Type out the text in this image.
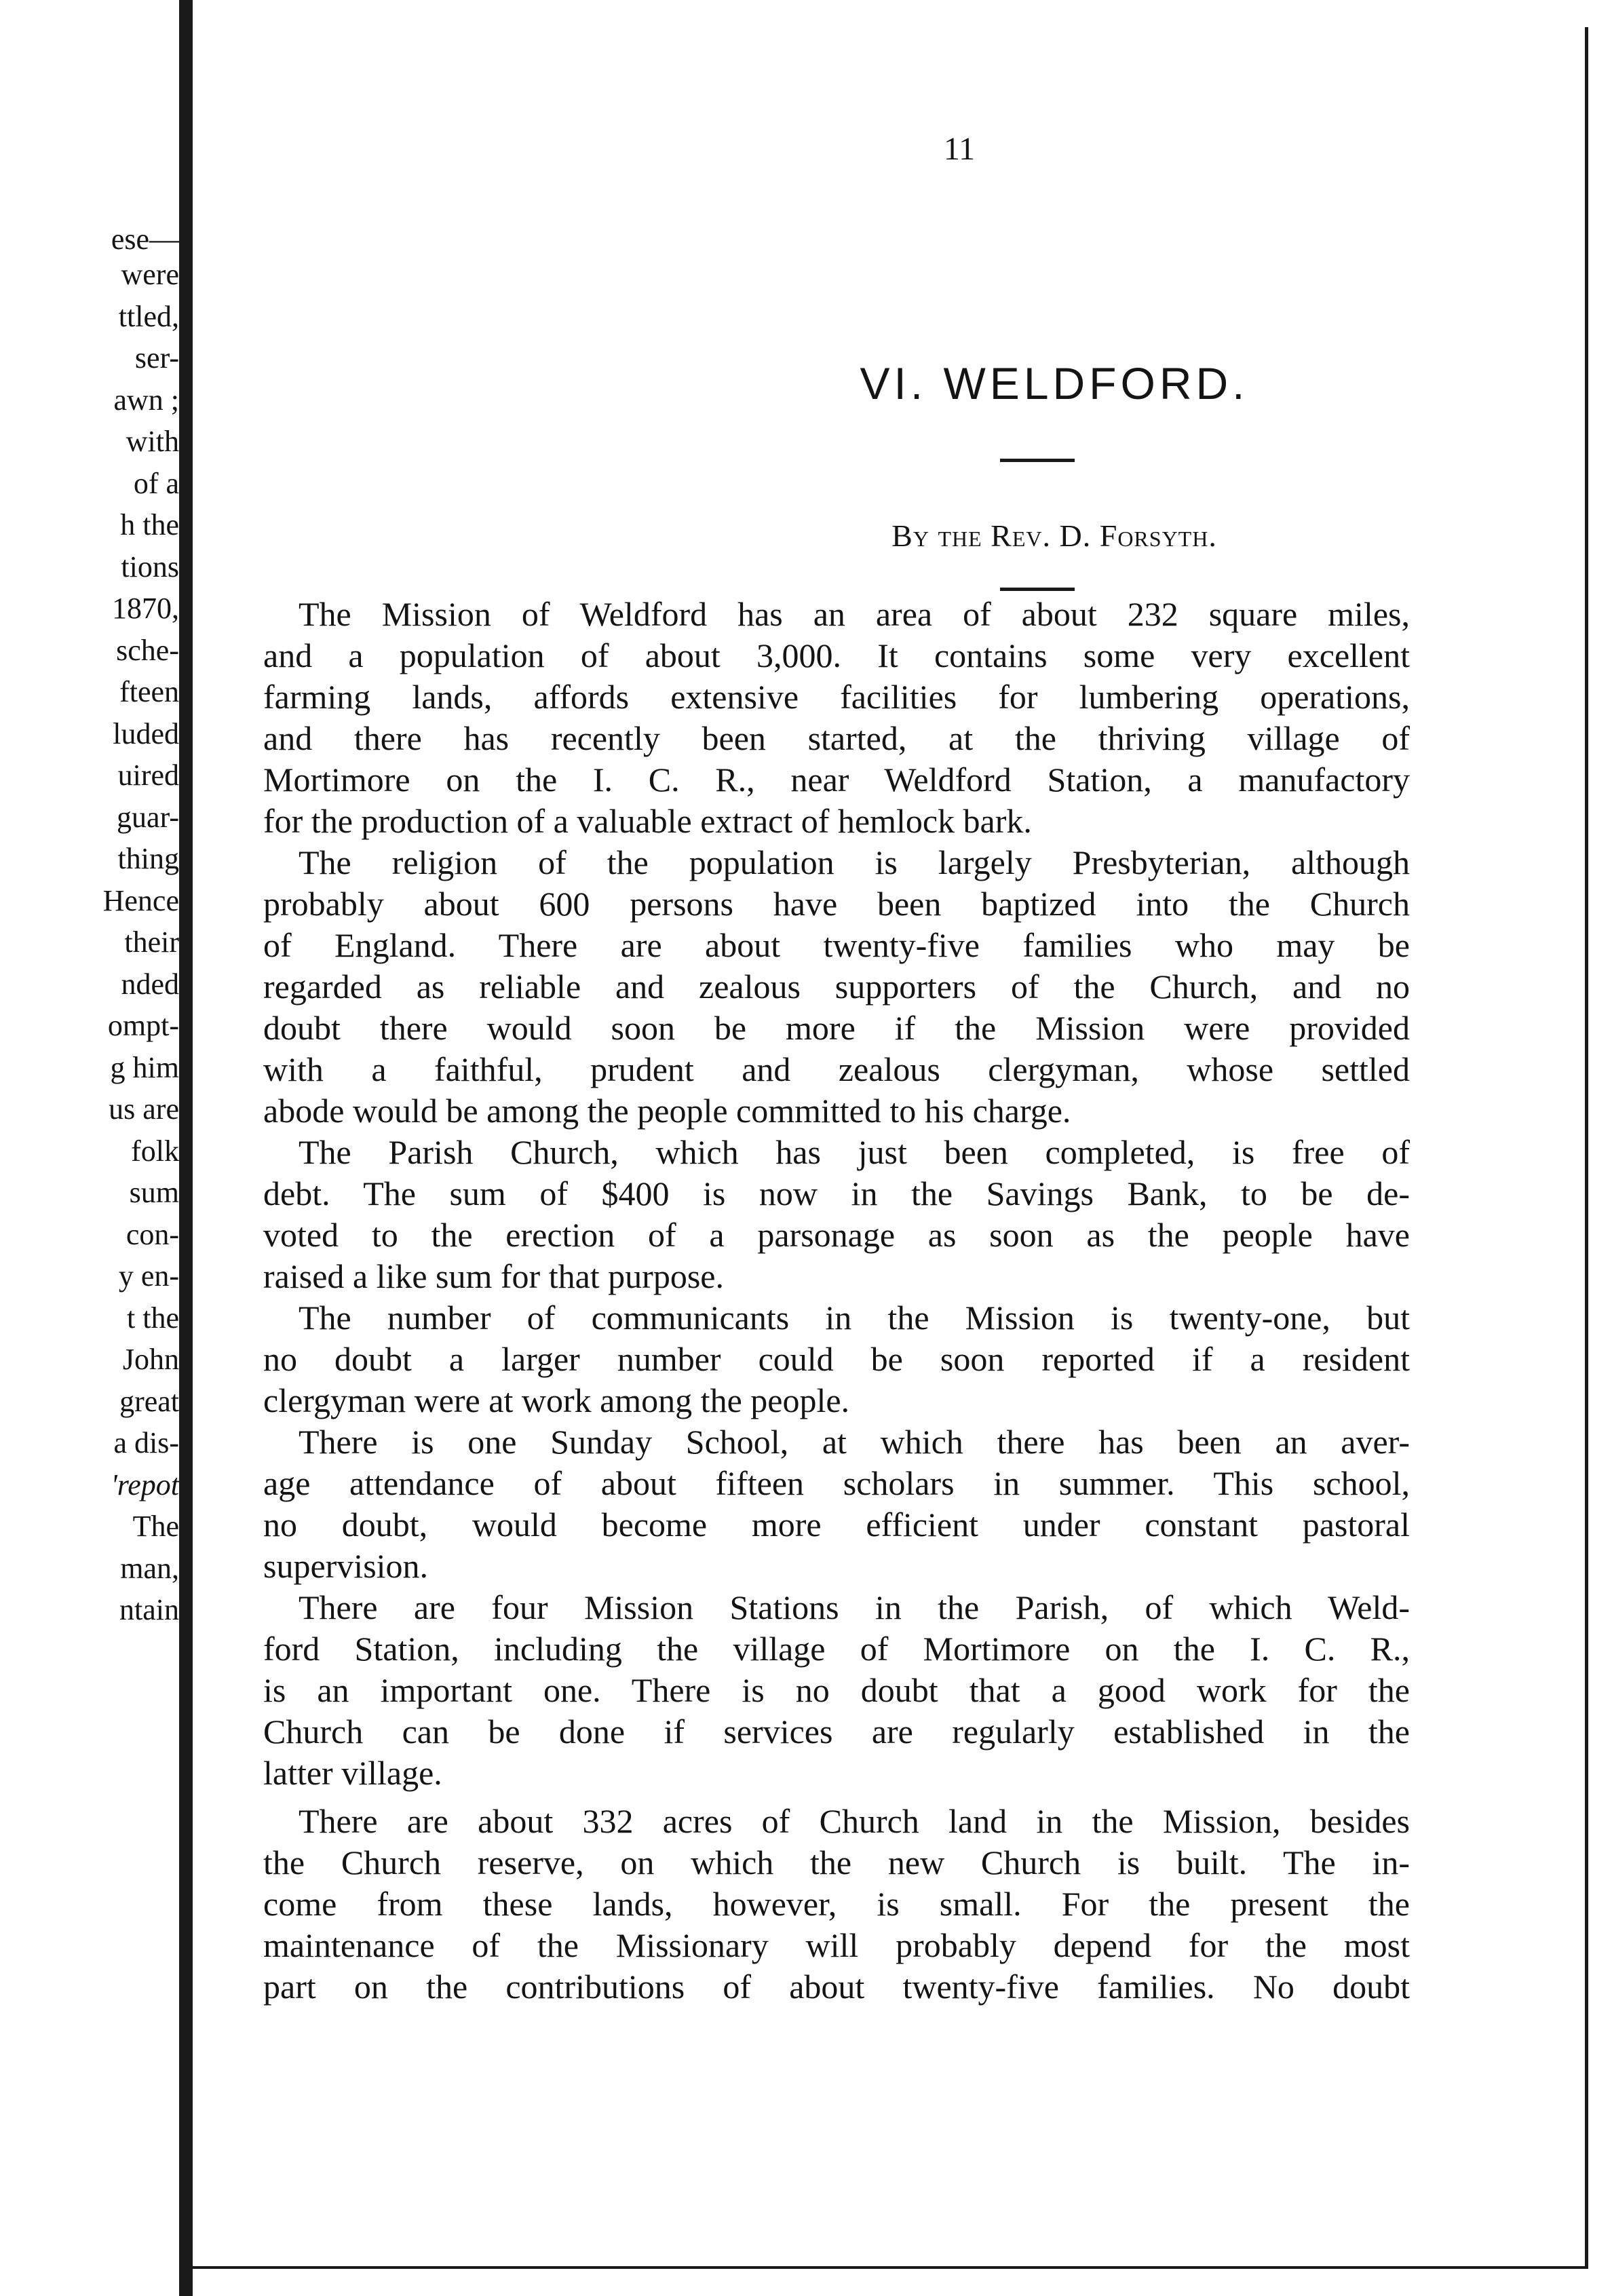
ese—
were
ttled,
ser-
awn ;
with
of a
h the
tions
1870,
sche-
fteen
luded
uired
guar-
thing
Hence
their
nded
ompt-
g him
us are
folk
sum
con-
y en-
t the
John
great
a dis-
'repot
The
man,
ntain
11
VI. WELDFORD.
By the Rev. D. Forsyth.
The Mission of Weldford has an area of about 232 square miles,
and a population of about 3,000. It contains some very excellent
farming lands, affords extensive facilities for lumbering operations,
and there has recently been started, at the thriving village of
Mortimore on the I. C. R., near Weldford Station, a manufactory
for the production of a valuable extract of hemlock bark.
The religion of the population is largely Presbyterian, although
probably about 600 persons have been baptized into the Church
of England. There are about twenty-five families who may be
regarded as reliable and zealous supporters of the Church, and no
doubt there would soon be more if the Mission were provided
with a faithful, prudent and zealous clergyman, whose settled
abode would be among the people committed to his charge.
The Parish Church, which has just been completed, is free of
debt. The sum of $400 is now in the Savings Bank, to be de-
voted to the erection of a parsonage as soon as the people have
raised a like sum for that purpose.
The number of communicants in the Mission is twenty-one, but
no doubt a larger number could be soon reported if a resident
clergyman were at work among the people.
There is one Sunday School, at which there has been an aver-
age attendance of about fifteen scholars in summer. This school,
no doubt, would become more efficient under constant pastoral
supervision.
There are four Mission Stations in the Parish, of which Weld-
ford Station, including the village of Mortimore on the I. C. R.,
is an important one. There is no doubt that a good work for the
Church can be done if services are regularly established in the
latter village.
There are about 332 acres of Church land in the Mission, besides
the Church reserve, on which the new Church is built. The in-
come from these lands, however, is small. For the present the
maintenance of the Missionary will probably depend for the most
part on the contributions of about twenty-five families. No doubt
